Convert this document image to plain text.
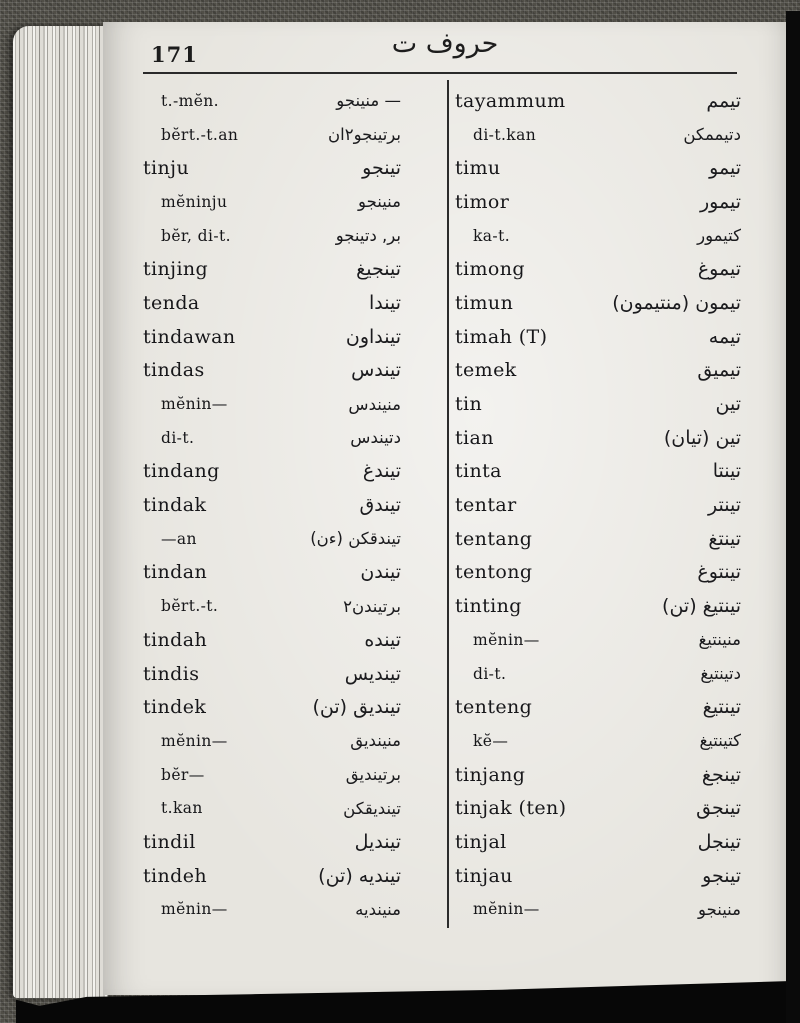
171	حروف ت
t.-mĕn.	— منينجو
bĕrt.-t.an	برتينجو٢ان
tinju	تينجو
mĕninju	منينجو
bĕr, di-t.	بر, دتينجو
tinjing	تينجيغ
tenda	تيندا
tindawan	تينداون
tindas	تيندس
mĕnin—	منيندس
di-t.	دتيندس
tindang	تيندغ
tindak	تيندق
—an	تيندقكن (ءن)
tindan	تيندن
bĕrt.-t.	برتيندن٢
tindah	تينده
tindis	تينديس
tindek	تينديق (تن)
mĕnin—	منينديق
bĕr—	برتينديق
t.kan	تينديقكن
tindil	تينديل
tindeh	تينديه (تن)
mĕnin—	منينديه
tayammum	تيمم
di-t.kan	دتيممكن
timu	تيمو
timor	تيمور
ka-t.	كتيمور
timong	تيموغ
timun	تيمون (منتيمون)
timah (T)	تيمه
temek	تيميق
tin	تين
tian	تين (تيان)
tinta	تينتا
tentar	تينتر
tentang	تينتغ
tentong	تينتوغ
tinting	تينتيغ (تن)
mĕnin—	منينتيغ
di-t.	دتينتيغ
tenteng	تينتيغ
kĕ—	كتينتيغ
tinjang	تينجغ
tinjak (ten)	تينجق
tinjal	تينجل
tinjau	تينجو
mĕnin—	منينجو
